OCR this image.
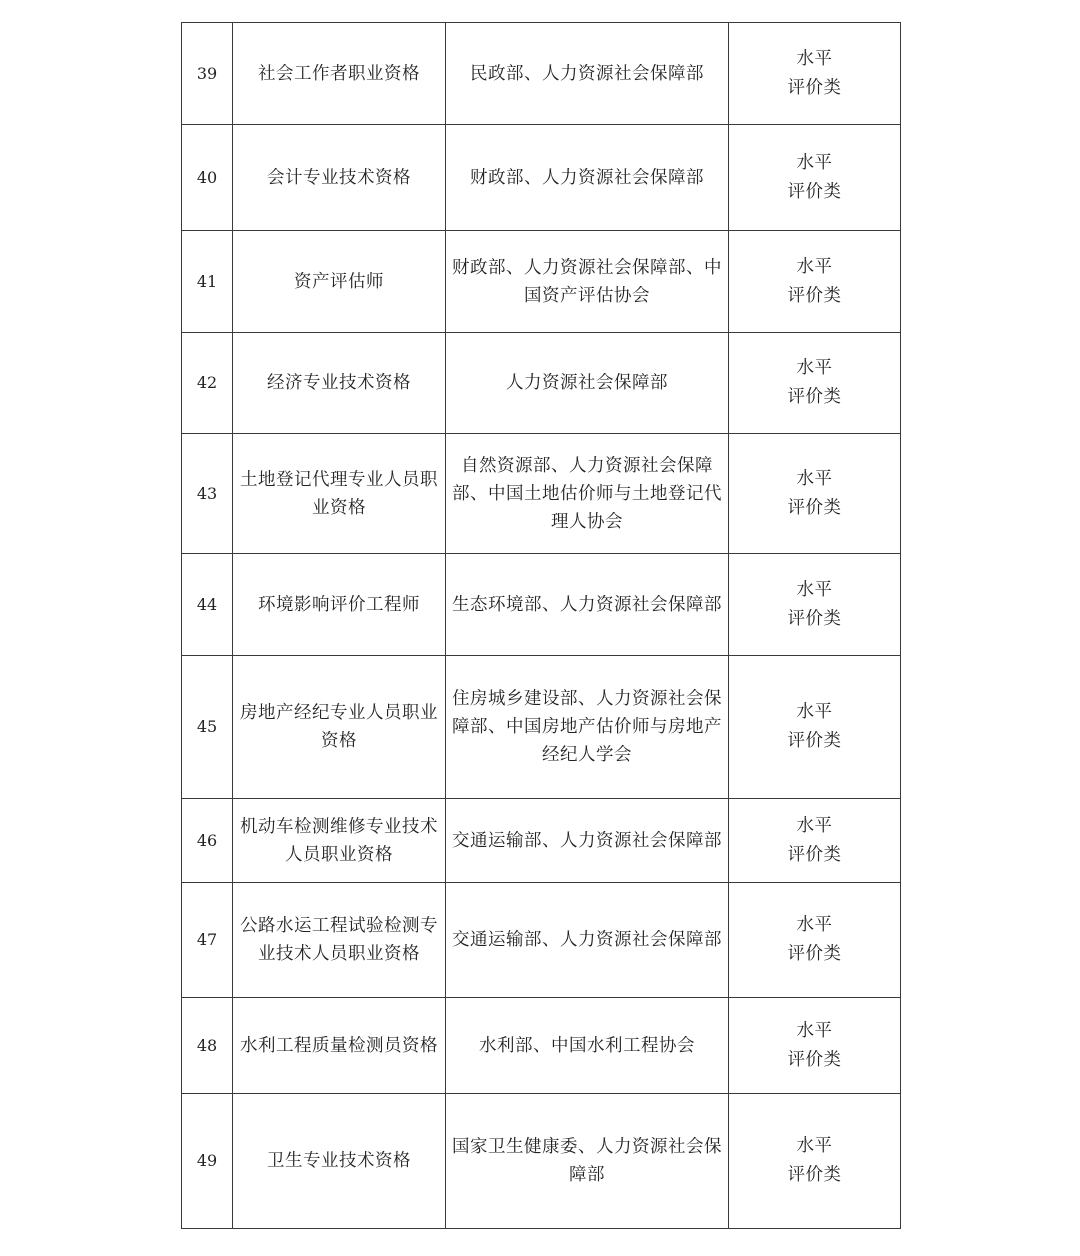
39	社会工作者职业资格	民政部、人力资源社会保障部	水平
评价类

40	会计专业技术资格	财政部、人力资源社会保障部	水平
评价类

41	资产评估师	财政部、人力资源社会保障部、中国资产评估协会	水平
评价类

42	经济专业技术资格	人力资源社会保障部	水平
评价类

43	土地登记代理专业人员职业资格	自然资源部、人力资源社会保障部、中国土地估价师与土地登记代理人协会	水平
评价类

44	环境影响评价工程师	生态环境部、人力资源社会保障部	水平
评价类

45	房地产经纪专业人员职业资格	住房城乡建设部、人力资源社会保障部、中国房地产估价师与房地产经纪人学会	水平
评价类

46	机动车检测维修专业技术人员职业资格	交通运输部、人力资源社会保障部	水平
评价类

47	公路水运工程试验检测专业技术人员职业资格	交通运输部、人力资源社会保障部	水平
评价类

48	水利工程质量检测员资格	水利部、中国水利工程协会	水平
评价类

49	卫生专业技术资格	国家卫生健康委、人力资源社会保障部	水平
评价类
